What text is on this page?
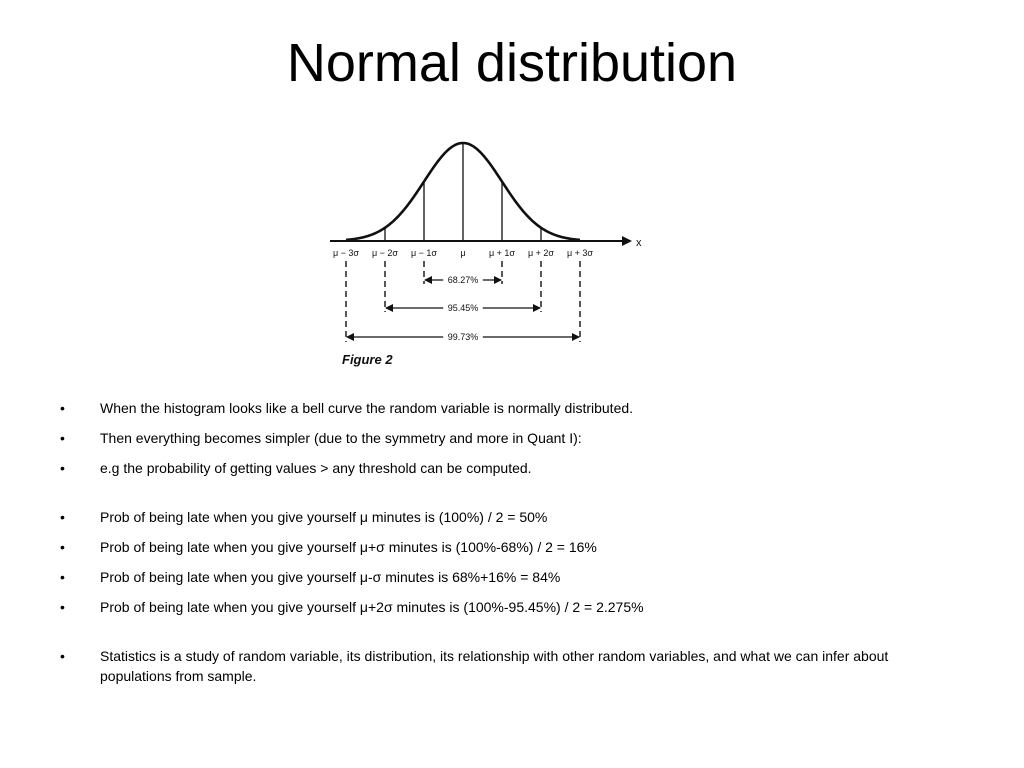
Normal distribution
x
μ − 3σ μ − 2σ μ − 1σ	μ	μ + 1σ μ + 2σ μ + 3σ
68.27%
95.45%
99.73%
Figure 2
•	When the histogram looks like a bell curve the random variable is normally distributed.
•	Then everything becomes simpler (due to the symmetry and more in Quant I):
•	e.g the probability of getting values > any threshold can be computed.
•	Prob of being late when you give yourself μ minutes is (100%) / 2 = 50%
•	Prob of being late when you give yourself μ+σ minutes is (100%-68%) / 2 = 16%
•	Prob of being late when you give yourself μ-σ minutes is 68%+16% = 84%
•	Prob of being late when you give yourself μ+2σ minutes is (100%-95.45%) / 2 = 2.275%
•	Statistics is a study of random variable, its distribution, its relationship with other random variables, and what we can infer about populations from sample.
